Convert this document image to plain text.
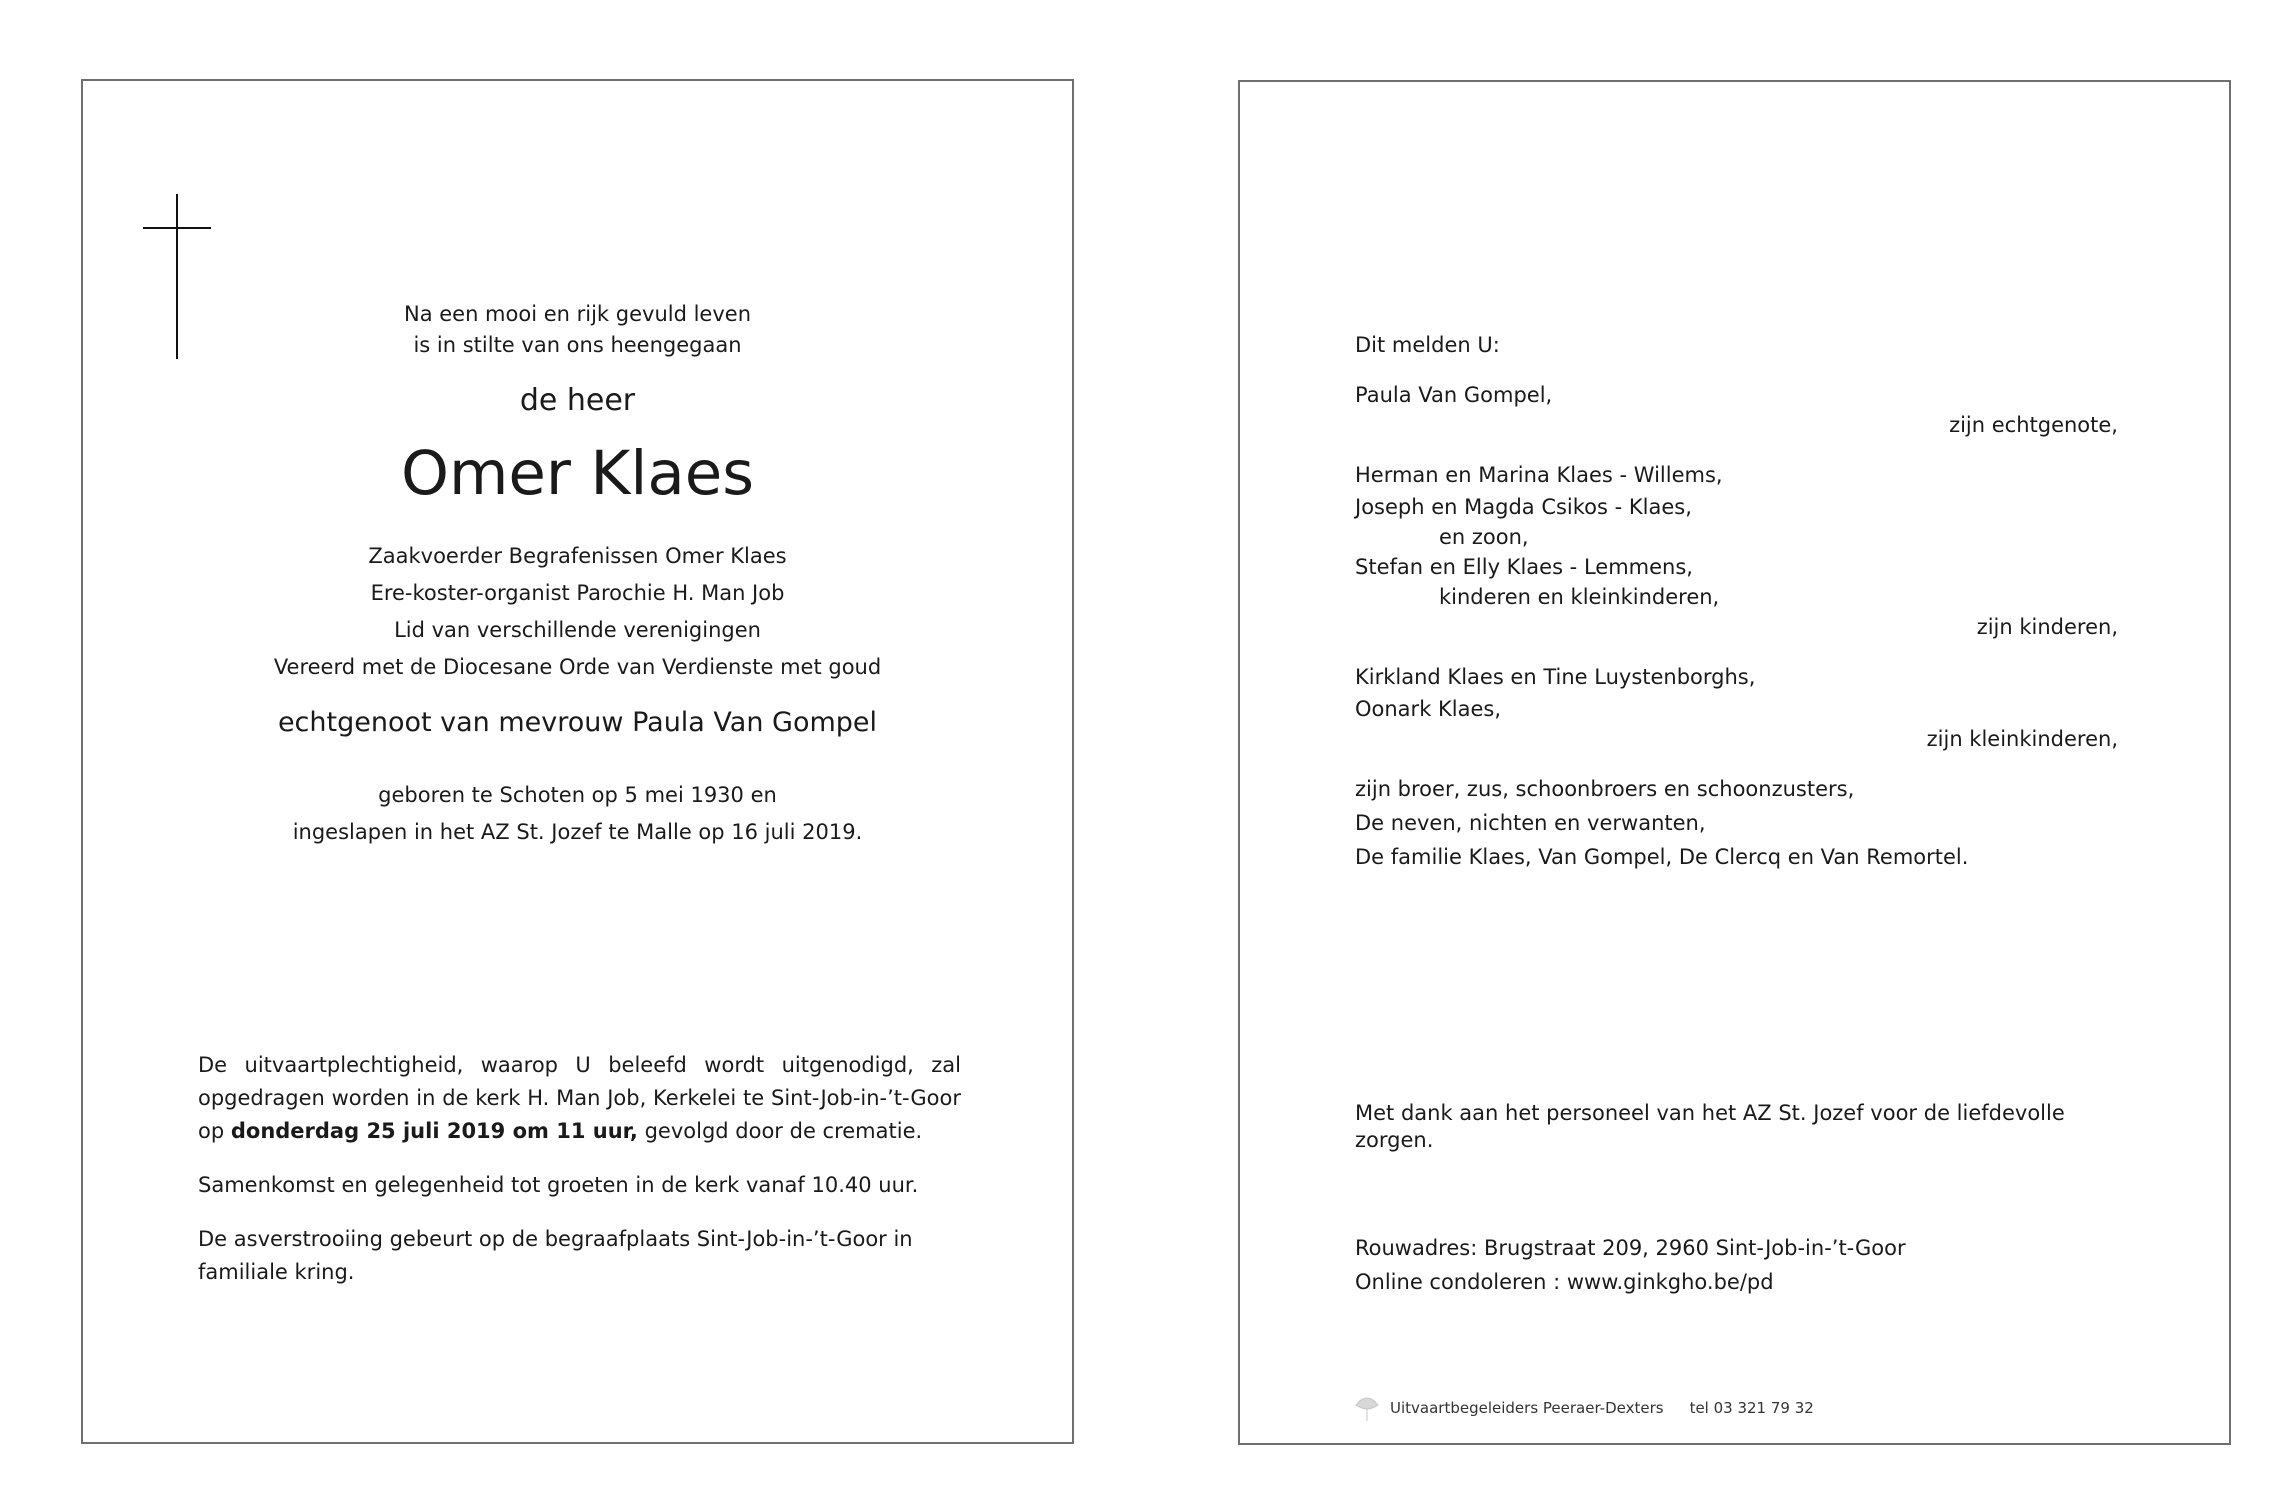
Na een mooi en rijk gevuld leven
is in stilte van ons heengegaan
de heer
Omer Klaes
Zaakvoerder Begrafenissen Omer Klaes
Ere-koster-organist Parochie H. Man Job
Lid van verschillende verenigingen
Vereerd met de Diocesane Orde van Verdienste met goud
echtgenoot van mevrouw Paula Van Gompel
geboren te Schoten op 5 mei 1930 en
ingeslapen in het AZ St. Jozef te Malle op 16 juli 2019.

De uitvaartplechtigheid, waarop U beleefd wordt uitgenodigd, zal opgedragen worden in de kerk H. Man Job, Kerkelei te Sint-Job-in-’t-Goor op donderdag 25 juli 2019 om 11 uur, gevolgd door de crematie.

Samenkomst en gelegenheid tot groeten in de kerk vanaf 10.40 uur.

De asverstrooiing gebeurt op de begraafplaats Sint-Job-in-’t-Goor in familiale kring.

Dit melden U:
Paula Van Gompel,
zijn echtgenote,
Herman en Marina Klaes - Willems,
Joseph en Magda Csikos - Klaes,
en zoon,
Stefan en Elly Klaes - Lemmens,
kinderen en kleinkinderen,
zijn kinderen,
Kirkland Klaes en Tine Luystenborghs,
Oonark Klaes,
zijn kleinkinderen,
zijn broer, zus, schoonbroers en schoonzusters,
De neven, nichten en verwanten,
De familie Klaes, Van Gompel, De Clercq en Van Remortel.
Met dank aan het personeel van het AZ St. Jozef voor de liefdevolle zorgen.
Rouwadres: Brugstraat 209, 2960 Sint-Job-in-’t-Goor
Online condoleren : www.ginkgho.be/pd
Uitvaartbegeleiders Peeraer-Dexters tel 03 321 79 32
